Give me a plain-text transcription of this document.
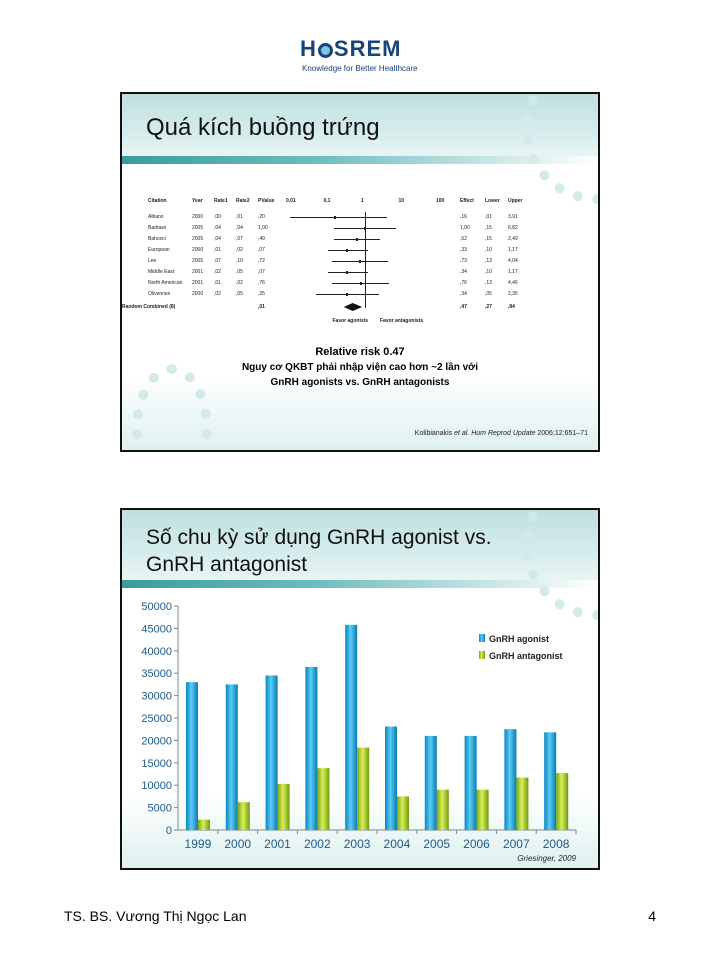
H SREM
Knowledge for Better Healthcare
Quá kích buồng trứng
Citation	Year Rate1 Rate2 PValue 0,01	0,1	1	10	100	Effect Lower Upper
Albano	2000 ,00	,01	,20	,16	,01	3,91
Badrawi	2005 ,04	,04	1,00	1,00	,15	6,82
Bahceci	2005 ,04	,07	,49	,62	,15	2,49
European	2000 ,01	,02	,07	,33	,10	1,17
Lee	2005 ,07	,10	,72	,73	,13	4,04
Middle East	2001 ,02	,05	,07	,34	,10	1,17
North American 2001 ,01	,02	,76	,76	,13	4,46
Olivennes	2000 ,02	,05	,25	,34	,05	2,35
Random Combined (8)	,01	,47	,27	,84
Favor agonists Favor antagonists
Relative risk 0.47
Nguy cơ QKBT phải nhập viện cao hơn ~2 lần với
GnRH agonists vs. GnRH antagonists
Kolibianakis et al. Hum Reprod Update 2006;12:651–71
Số chu kỳ sử dụng GnRH agonist vs.
GnRH antagonist
0
5000
10000
15000
20000
25000
30000
35000
40000
45000
50000
1999 2000 2001 2002 2003 2004 2005 2006 2007 2008
GnRH agonist
GnRH antagonist
Griesinger, 2009
TS. BS. Vương Thị Ngọc Lan	4
